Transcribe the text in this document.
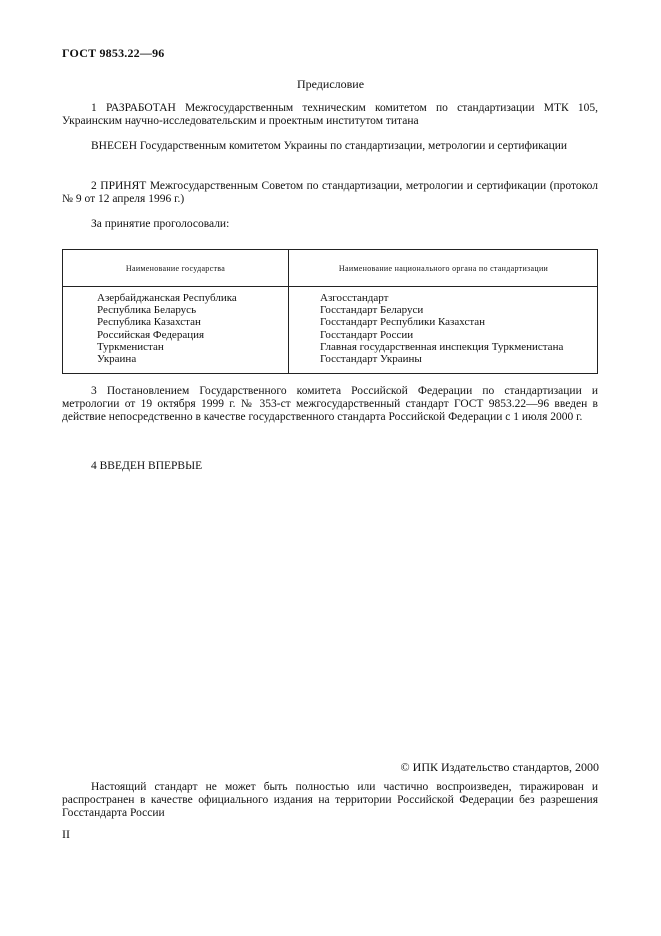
ГОСТ 9853.22—96
Предисловие
1 РАЗРАБОТАН Межгосударственным техническим комитетом по стандартизации МТК 105, Украинским научно-исследовательским и проектным институтом титана
ВНЕСЕН Государственным комитетом Украины по стандартизации, метрологии и сертификации
2 ПРИНЯТ Межгосударственным Советом по стандартизации, метрологии и сертификации (протокол № 9 от 12 апреля 1996 г.)
За принятие проголосовали:
Наименование государства	Наименование национального органа по стандартизации
Азербайджанская Республика
Республика Беларусь
Республика Казахстан
Российская Федерация
Туркменистан
Украина
Азгосстандарт
Госстандарт Беларуси
Госстандарт Республики Казахстан
Госстандарт России
Главная государственная инспекция Туркменистана
Госстандарт Украины
3 Постановлением Государственного комитета Российской Федерации по стандартизации и метрологии от 19 октября 1999 г. № 353-ст межгосударственный стандарт ГОСТ 9853.22—96 введен в действие непосредственно в качестве государственного стандарта Российской Федерации с 1 июля 2000 г.
4 ВВЕДЕН ВПЕРВЫЕ
© ИПК Издательство стандартов, 2000
Настоящий стандарт не может быть полностью или частично воспроизведен, тиражирован и распространен в качестве официального издания на территории Российской Федерации без разрешения Госстандарта России
II
